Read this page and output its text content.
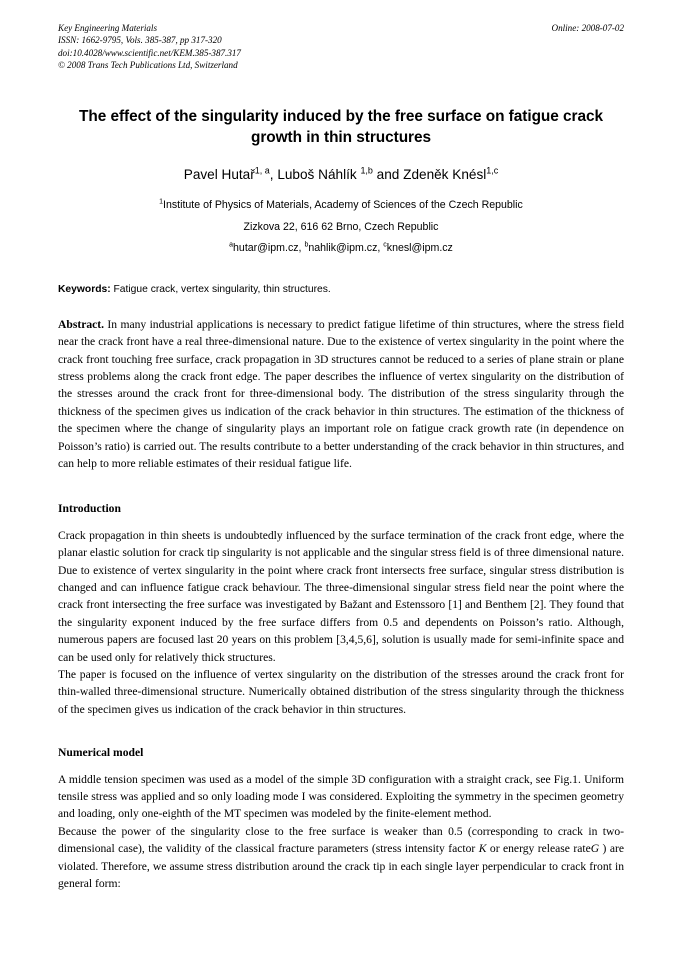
Key Engineering Materials
ISSN: 1662-9795, Vols. 385-387, pp 317-320
doi:10.4028/www.scientific.net/KEM.385-387.317
© 2008 Trans Tech Publications Ltd, Switzerland
Online: 2008-07-02
The effect of the singularity induced by the free surface on fatigue crack growth in thin structures
Pavel Hutař$^{1, a}$, Luboš Náhlík $^{1,b}$ and Zdeněk Knésl$^{1,c}$
$^1$Institute of Physics of Materials, Academy of Sciences of the Czech Republic
Zizkova 22, 616 62 Brno, Czech Republic
$^a$hutar@ipm.cz, $^b$nahlik@ipm.cz, $^c$knesl@ipm.cz
Keywords: Fatigue crack, vertex singularity, thin structures.
Abstract. In many industrial applications is necessary to predict fatigue lifetime of thin structures, where the stress field near the crack front have a real three-dimensional nature. Due to the existence of vertex singularity in the point where the crack front touching free surface, crack propagation in 3D structures cannot be reduced to a series of plane strain or plane stress problems along the crack front edge. The paper describes the influence of vertex singularity on the distribution of the stresses around the crack front for three-dimensional body. The distribution of the stress singularity through the thickness of the specimen gives us indication of the crack behavior in thin structures. The estimation of the thickness of the specimen where the change of singularity plays an important role on fatigue crack growth rate (in dependence on Poisson’s ratio) is carried out. The results contribute to a better understanding of the crack behavior in thin structures, and can help to more reliable estimates of their residual fatigue life.
Introduction
Crack propagation in thin sheets is undoubtedly influenced by the surface termination of the crack front edge, where the planar elastic solution for crack tip singularity is not applicable and the singular stress field is of three dimensional nature. Due to existence of vertex singularity in the point where crack front intersects free surface, singular stress distribution is changed and can influence fatigue crack behaviour. The three-dimensional singular stress field near the point where the crack front intersecting the free surface was investigated by Bažant and Estenssoro [1] and Benthem [2]. They found that the singularity exponent induced by the free surface differs from 0.5 and dependents on Poisson’s ratio. Although, numerous papers are focused last 20 years on this problem [3,4,5,6], solution is usually made for semi-infinite space and can be used only for relatively thick structures.
The paper is focused on the influence of vertex singularity on the distribution of the stresses around the crack front for thin-walled three-dimensional structure. Numerically obtained distribution of the stress singularity through the thickness of the specimen gives us indication of the crack behavior in thin structures.
Numerical model
A middle tension specimen was used as a model of the simple 3D configuration with a straight crack, see Fig.1. Uniform tensile stress was applied and so only loading mode I was considered. Exploiting the symmetry in the specimen geometry and loading, only one-eighth of the MT specimen was modeled by the finite-element method.
Because the power of the singularity close to the free surface is weaker than 0.5 (corresponding to crack in two-dimensional case), the validity of the classical fracture parameters (stress intensity factor K or energy release rateG ) are violated. Therefore, we assume stress distribution around the crack tip in each single layer perpendicular to crack front in general form:
